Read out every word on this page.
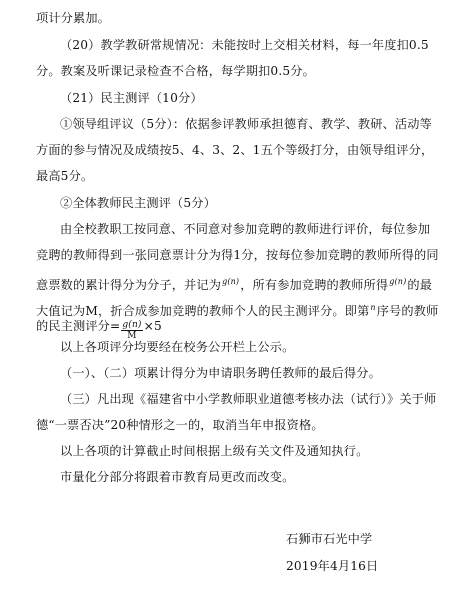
项计分累加。
（20）教学教研常规情况：未能按时上交相关材料，每一年度扣0.5
分。教案及听课记录检查不合格，每学期扣0.5分。
（21）民主测评（10分）
①领导组评议（5分）：依据参评教师承担德育、教学、教研、活动等
方面的参与情况及成绩按5、4、3、2、1五个等级打分，由领导组评分，
最高5分。
②全体教师民主测评（5分）
由全校教职工按同意、不同意对参加竞聘的教师进行评价，每位参加
竞聘的教师得到一张同意票计分为得1分，按每位参加竞聘的教师所得的同
意票数的累计得分为分子，并记为$^{g(n)}$，所有参加竞聘的教师所得$^{g(n)}$的最
大值记为M，折合成参加竞聘的教师个人的民主测评分。即第$^n$序号的教师
的民主测评分= $\frac{g(n)}{M} \times 5$
以上各项评分均要经在校务公开栏上公示。
（一）、（二）项累计得分为申请职务聘任教师的最后得分。
（三）凡出现《福建省中小学教师职业道德考核办法（试行）》关于师
德“一票否决”20种情形之一的，取消当年申报资格。
以上各项的计算截止时间根据上级有关文件及通知执行。
市量化分部分将跟着市教育局更改而改变。
石狮市石光中学
2019年4月16日
